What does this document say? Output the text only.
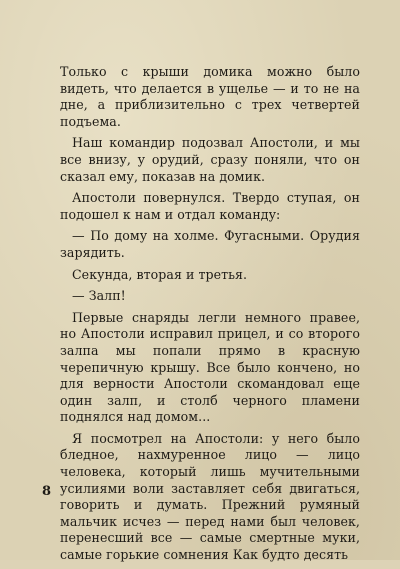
Только с крыши домика можно было видеть, что делается в ущелье — и то не на дне, а приблизительно с трех четвертей подъема.

Наш командир подозвал Апостоли, и мы все внизу, у орудий, сразу поняли, что он сказал ему, показав на домик.

Апостоли повернулся. Твердо ступая, он подошел к нам и отдал команду:

— По дому на холме. Фугасными. Орудия зарядить.

Секунда, вторая и третья.

— Залп!

Первые снаряды легли немного правее, но Апостоли исправил прицел, и со второго залпа мы попали прямо в красную черепичную крышу. Все было кончено, но для верности Апостоли скомандовал еще один залп, и столб черного пламени поднялся над домом...

Я посмотрел на Апостоли: у него было бледное, нахмуренное лицо — лицо человека, который лишь мучительными усилиями воли заставляет себя двигаться, говорить и думать. Прежний румяный мальчик исчез — перед нами был человек, перенесший все — самые смертные муки, самые горькие сомнения Как будто десять

8
